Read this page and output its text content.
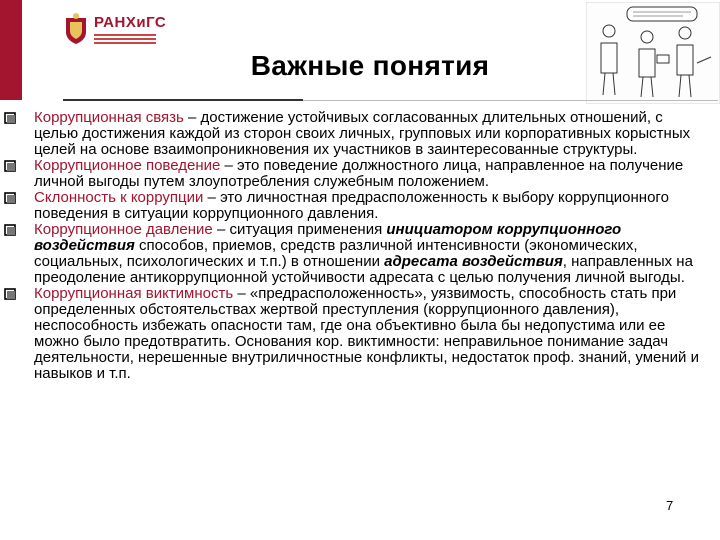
РАНХиГС
Важные понятия

Коррупционная связь – достижение устойчивых согласованных длительных отношений, с целью достижения каждой из сторон своих личных, групповых или корпоративных корыстных целей на основе взаимопроникновения их участников в заинтересованные структуры.

Коррупционное поведение – это поведение должностного лица, направленное на получение личной выгоды путем злоупотребления служебным положением.

Склонность к коррупции – это личностная предрасположенность к выбору коррупционного поведения в ситуации коррупционного давления.

Коррупционное давление – ситуация применения инициатором коррупционного воздействия способов, приемов, средств различной интенсивности (экономических, социальных, психологических и т.п.) в отношении адресата воздействия, направленных на преодоление антикоррупционной устойчивости адресата с целью получения личной выгоды.

Коррупционная виктимность – «предрасположенность», уязвимость, способность стать при определенных обстоятельствах жертвой преступления (коррупционного давления), неспособность избежать опасности там, где она объективно была бы недопустима или ее можно было предотвратить. Основания кор. виктимности: неправильное понимание задач деятельности, нерешенные внутриличностные конфликты, недостаток проф. знаний, умений и навыков и т.п.

7
